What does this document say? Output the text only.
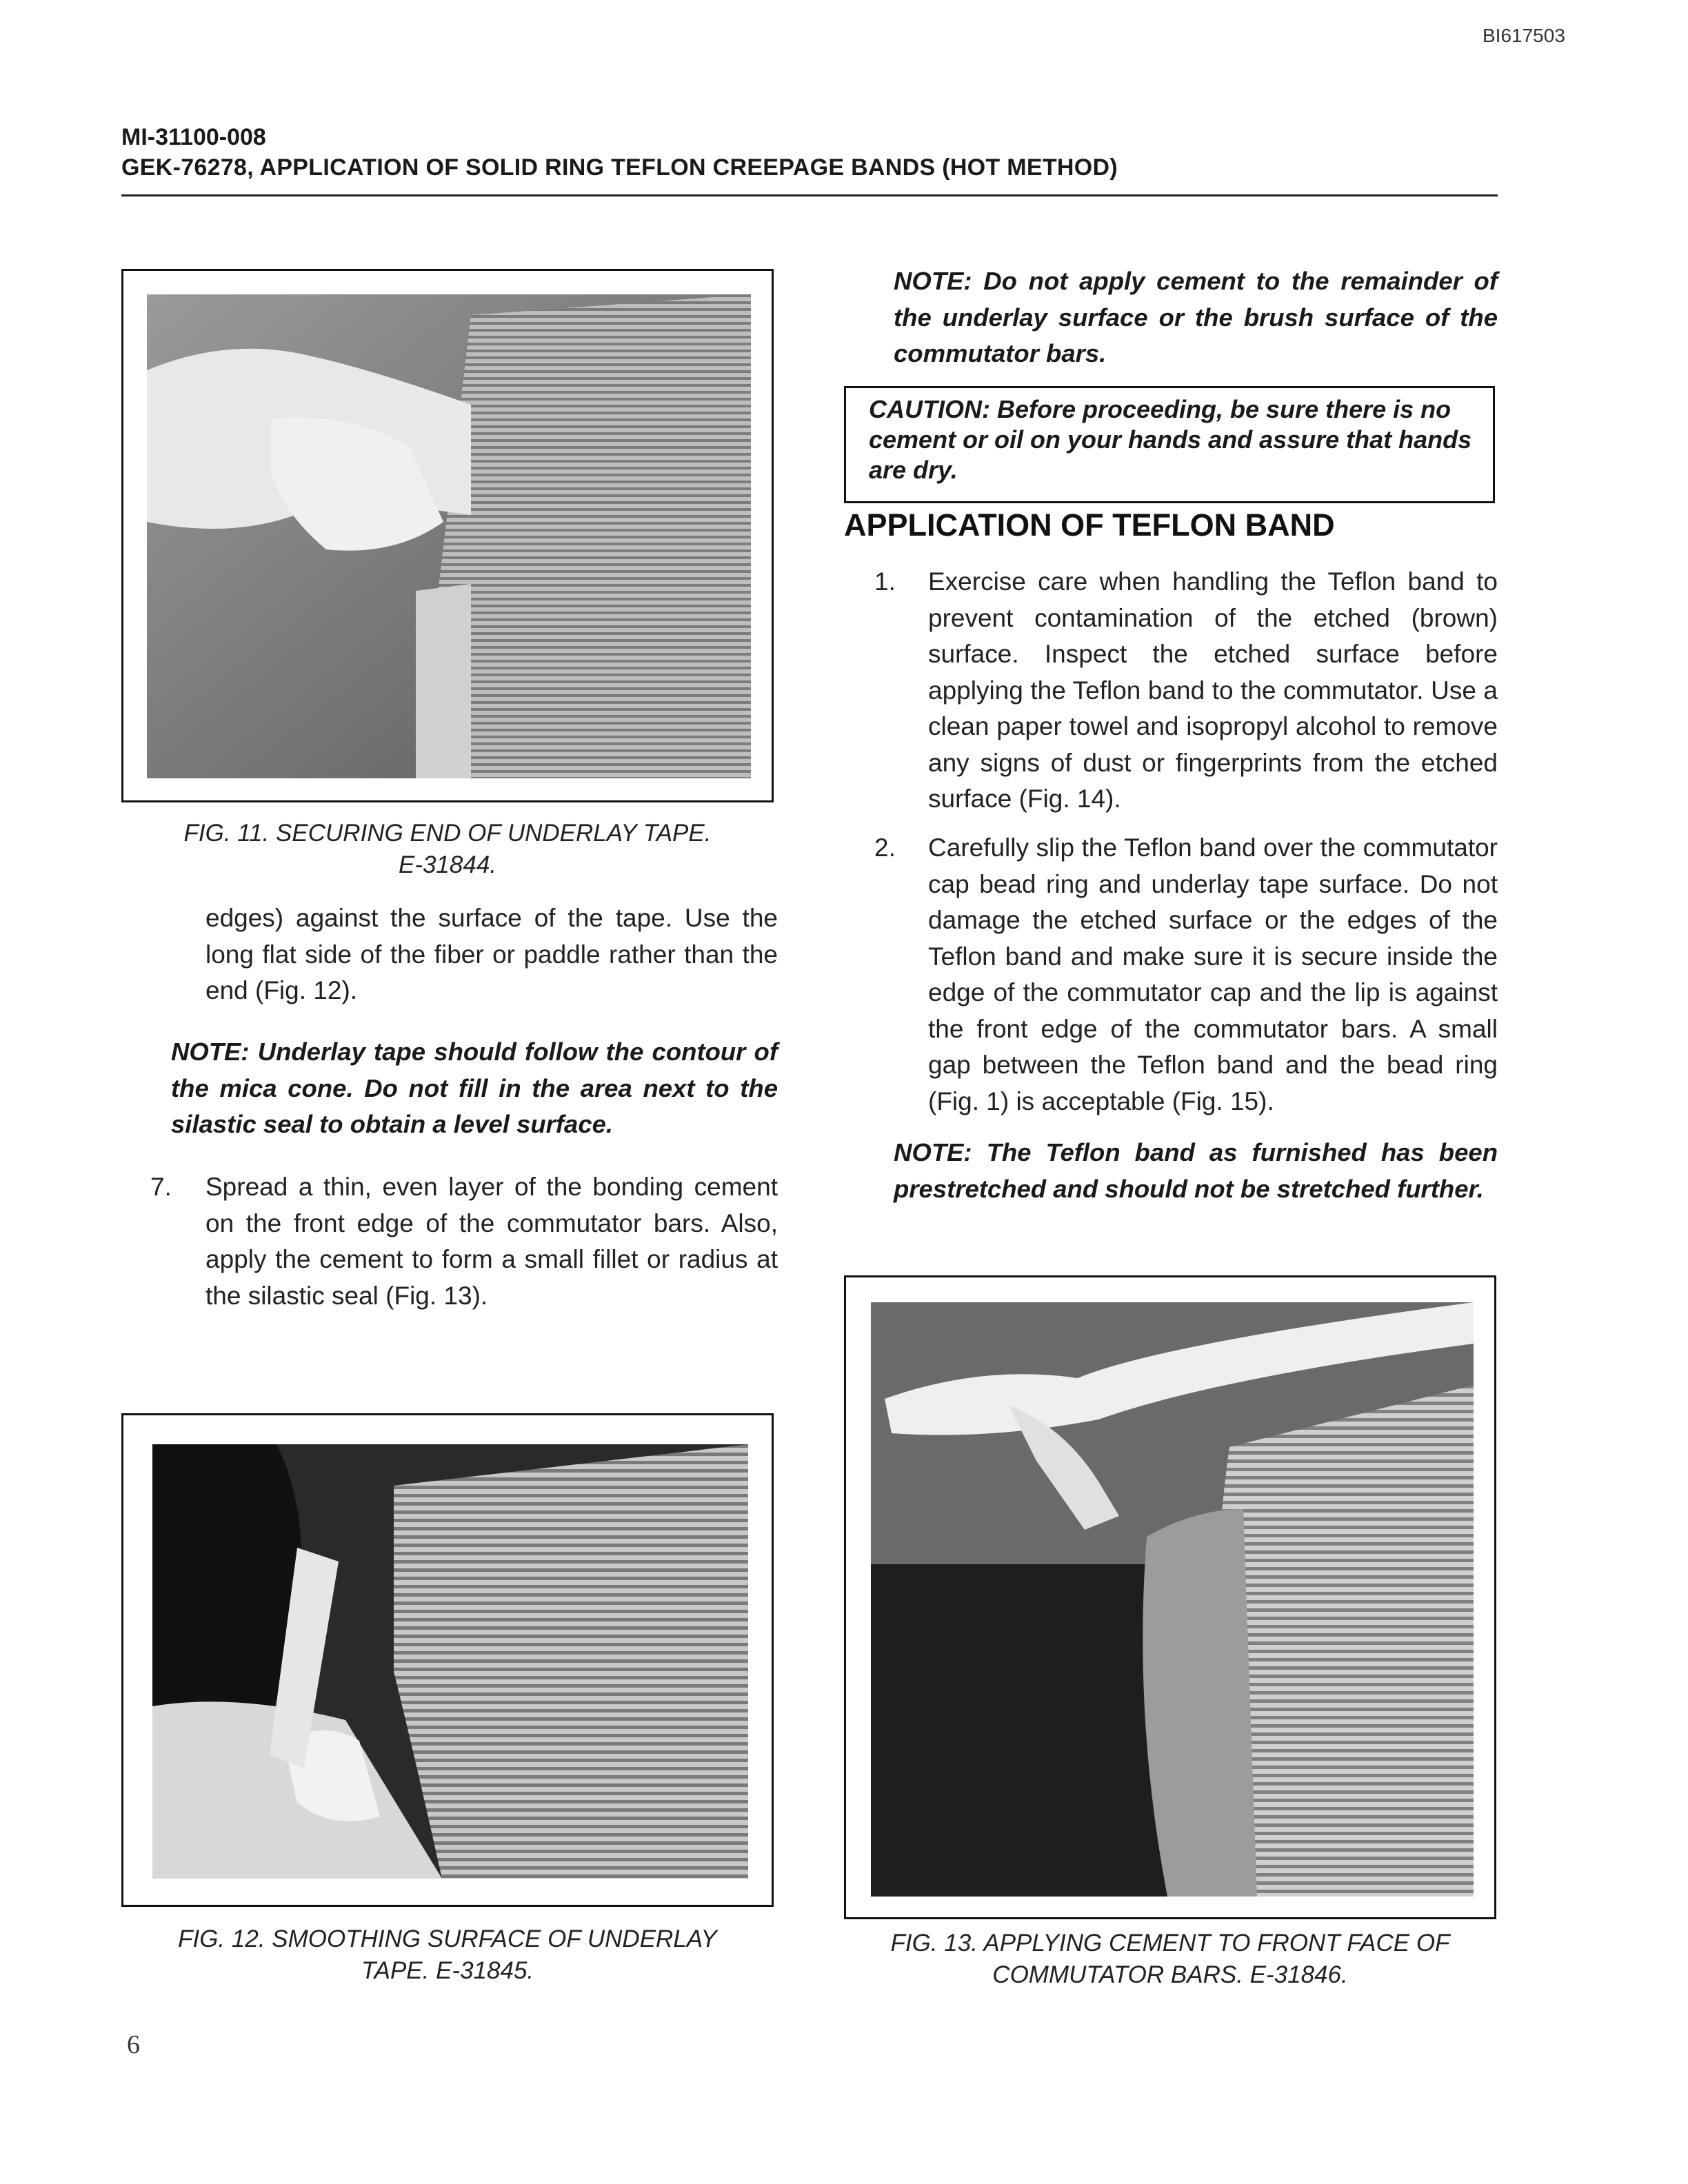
BI617503
MI-31100-008
GEK-76278, APPLICATION OF SOLID RING TEFLON CREEPAGE BANDS (HOT METHOD)
FIG. 11. SECURING END OF UNDERLAY TAPE.
E-31844.
edges) against the surface of the tape. Use the long flat side of the fiber or paddle rather than the end (Fig. 12).
NOTE: Underlay tape should follow the contour of the mica cone. Do not fill in the area next to the silastic seal to obtain a level surface.
7. Spread a thin, even layer of the bonding cement on the front edge of the commutator bars. Also, apply the cement to form a small fillet or radius at the silastic seal (Fig. 13).
FIG. 12. SMOOTHING SURFACE OF UNDERLAY
TAPE. E-31845.
NOTE: Do not apply cement to the remainder of the underlay surface or the brush surface of the commutator bars.
CAUTION: Before proceeding, be sure there is no cement or oil on your hands and assure that hands are dry.
APPLICATION OF TEFLON BAND
1. Exercise care when handling the Teflon band to prevent contamination of the etched (brown) surface. Inspect the etched surface before applying the Teflon band to the commutator. Use a clean paper towel and isopropyl alcohol to remove any signs of dust or fingerprints from the etched surface (Fig. 14).
2. Carefully slip the Teflon band over the commutator cap bead ring and underlay tape surface. Do not damage the etched surface or the edges of the Teflon band and make sure it is secure inside the edge of the commutator cap and the lip is against the front edge of the commutator bars. A small gap between the Teflon band and the bead ring (Fig. 1) is acceptable (Fig. 15).
NOTE: The Teflon band as furnished has been prestretched and should not be stretched further.
FIG. 13. APPLYING CEMENT TO FRONT FACE OF
COMMUTATOR BARS. E-31846.
6
